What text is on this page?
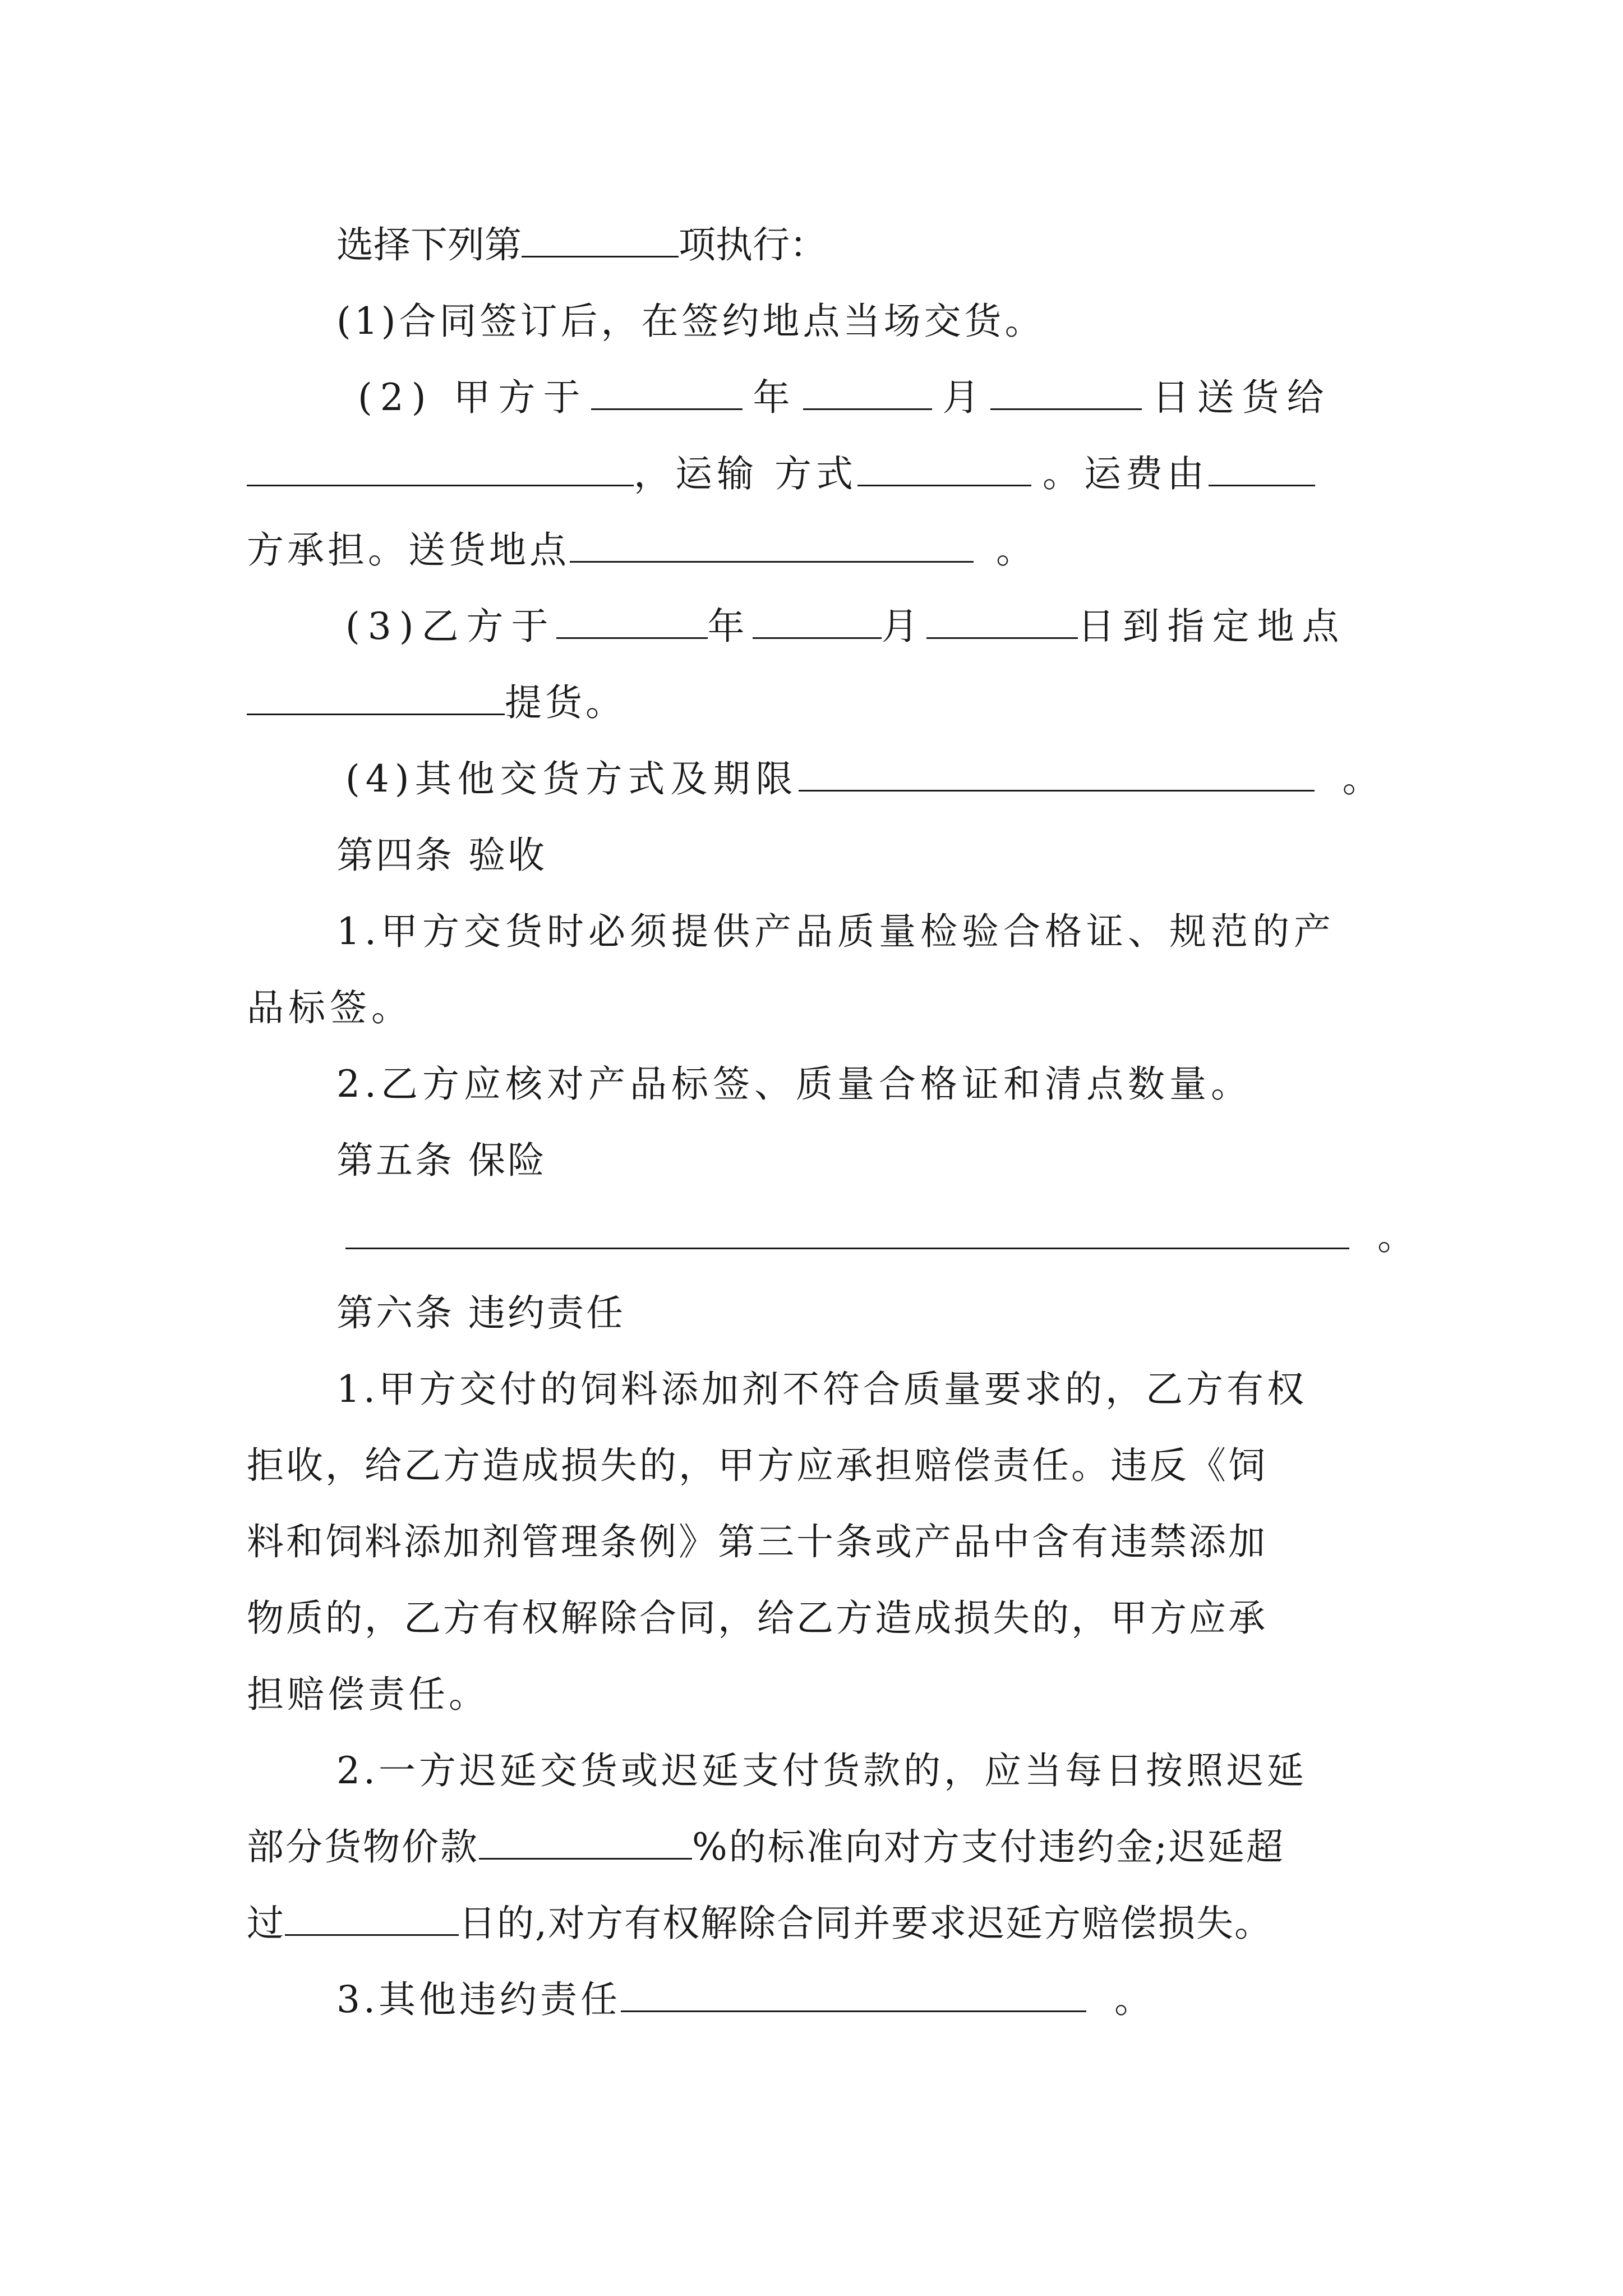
选择下列第	项执行：
(1)合同签订后，在签约地点当场交货。
(2) 甲方于	年	月	日送货给
，运输 方式	。运费由
方承担。送货地点	。
(3)乙方于	年	月	日到指定地点
提货。
(4)其他交货方式及期限	。
第四条 验收
1.甲方交货时必须提供产品质量检验合格证、规范的产
品标签。
2.乙方应核对产品标签、质量合格证和清点数量。
第五条 保险
。
第六条 违约责任
1.甲方交付的饲料添加剂不符合质量要求的，乙方有权
拒收，给乙方造成损失的，甲方应承担赔偿责任。违反《饲
料和饲料添加剂管理条例》第三十条或产品中含有违禁添加
物质的，乙方有权解除合同，给乙方造成损失的，甲方应承
担赔偿责任。
2.一方迟延交货或迟延支付货款的，应当每日按照迟延
部分货物价款	%的标准向对方支付违约金;迟延超
过	日的,对方有权解除合同并要求迟延方赔偿损失。
3.其他违约责任	。
